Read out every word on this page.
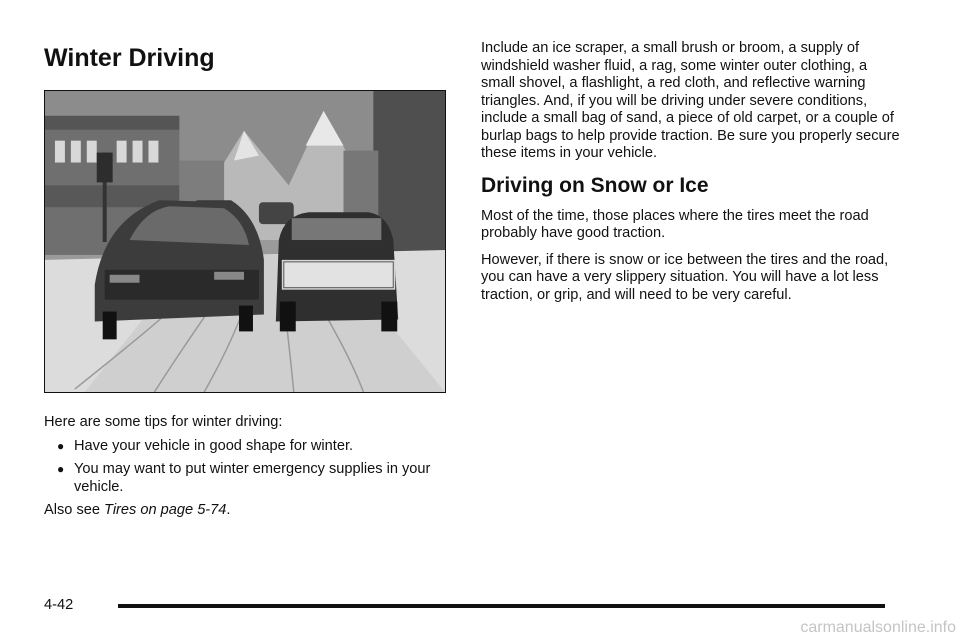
Winter Driving

Here are some tips for winter driving:

● Have your vehicle in good shape for winter.
● You may want to put winter emergency supplies in your vehicle.

Also see Tires on page 5-74.

Include an ice scraper, a small brush or broom, a supply of windshield washer fluid, a rag, some winter outer clothing, a small shovel, a flashlight, a red cloth, and reflective warning triangles. And, if you will be driving under severe conditions, include a small bag of sand, a piece of old carpet, or a couple of burlap bags to help provide traction. Be sure you properly secure these items in your vehicle.

Driving on Snow or Ice

Most of the time, those places where the tires meet the road probably have good traction.

However, if there is snow or ice between the tires and the road, you can have a very slippery situation. You will have a lot less traction, or grip, and will need to be very careful.

4-42
carmanualsonline.info
